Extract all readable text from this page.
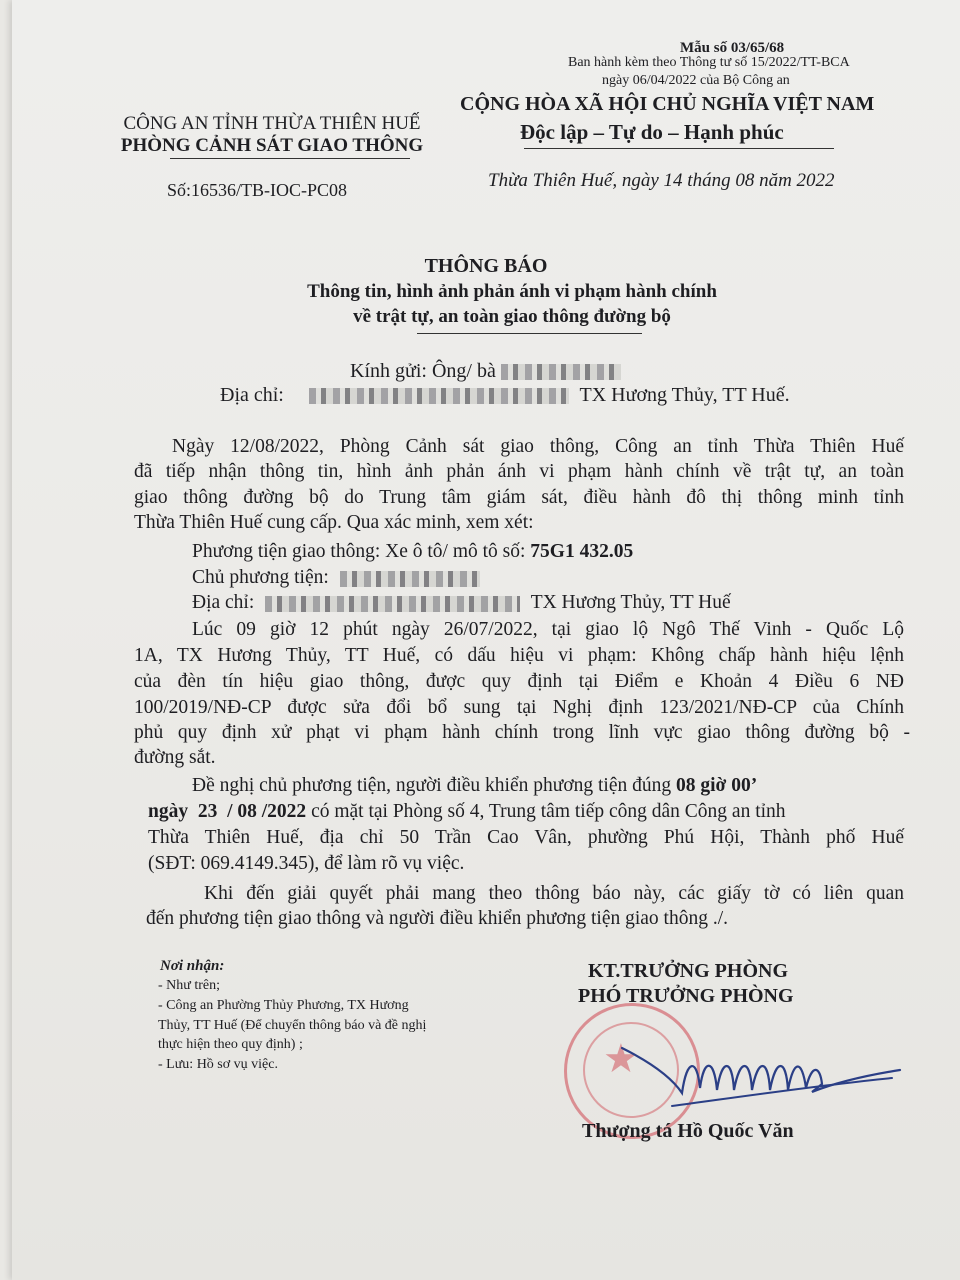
Mẫu số 03/65/68
Ban hành kèm theo Thông tư số 15/2022/TT-BCA
ngày 06/04/2022 của Bộ Công an
CÔNG AN TỈNH THỪA THIÊN HUẾ
PHÒNG CẢNH SÁT GIAO THÔNG
CỘNG HÒA XÃ HỘI CHỦ NGHĨA VIỆT NAM
Độc lập – Tự do – Hạnh phúc
Số:16536/TB-IOC-PC08	Thừa Thiên Huế, ngày 14 tháng 08 năm 2022
THÔNG BÁO
Thông tin, hình ảnh phản ánh vi phạm hành chính
về trật tự, an toàn giao thông đường bộ
Kính gửi: Ông/ bà
Địa chỉ:	TX Hương Thủy, TT Huế.
Ngày 12/08/2022, Phòng Cảnh sát giao thông, Công an tỉnh Thừa Thiên Huế
đã tiếp nhận thông tin, hình ảnh phản ánh vi phạm hành chính về trật tự, an toàn
giao thông đường bộ do Trung tâm giám sát, điều hành đô thị thông minh tỉnh
Thừa Thiên Huế cung cấp. Qua xác minh, xem xét:
Phương tiện giao thông: Xe ô tô/ mô tô số: 75G1 432.05
Chủ phương tiện:
Địa chỉ:	TX Hương Thủy, TT Huế
Lúc 09 giờ 12 phút ngày 26/07/2022, tại giao lộ Ngô Thế Vinh - Quốc Lộ
1A, TX Hương Thủy, TT Huế, có dấu hiệu vi phạm: Không chấp hành hiệu lệnh
của đèn tín hiệu giao thông, được quy định tại Điểm e Khoản 4 Điều 6 NĐ
100/2019/NĐ-CP được sửa đổi bổ sung tại Nghị định 123/2021/NĐ-CP của Chính
phủ quy định xử phạt vi phạm hành chính trong lĩnh vực giao thông đường bộ -
đường sắt.
Đề nghị chủ phương tiện, người điều khiển phương tiện đúng 08 giờ 00’
ngày  23  / 08 /2022 có mặt tại Phòng số 4, Trung tâm tiếp công dân Công an tỉnh
Thừa Thiên Huế, địa chỉ 50 Trần Cao Vân, phường Phú Hội, Thành phố Huế
(SĐT: 069.4149.345), để làm rõ vụ việc.
Khi đến giải quyết phải mang theo thông báo này, các giấy tờ có liên quan
đến phương tiện giao thông và người điều khiển phương tiện giao thông ./.
Nơi nhận:
- Như trên;
- Công an Phường Thủy Phương, TX Hương
Thủy, TT Huế (Để chuyển thông báo và đề nghị
thực hiện theo quy định) ;
- Lưu: Hồ sơ vụ việc.
KT.TRƯỞNG PHÒNG
PHÓ TRƯỞNG PHÒNG
★
Thượng tá Hồ Quốc Văn
